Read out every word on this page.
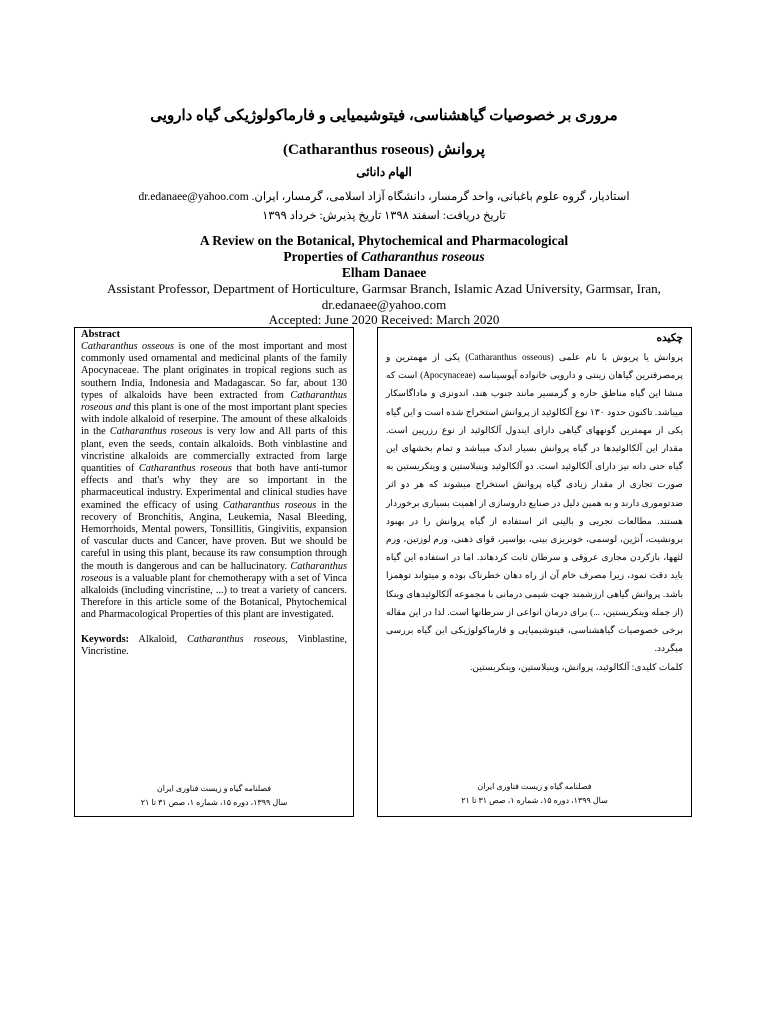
مروری بر خصوصیات گیاهشناسی، فیتوشیمیایی و فارماکولوژیکی گیاه دارویی
پروانش (Catharanthus roseous)
الهام دانائی
استادیار، گروه علوم باغبانی، واحد گرمسار، دانشگاه آزاد اسلامی، گرمسار، ایران. dr.edanaee@yahoo.com
تاریخ دریافت: اسفند ۱۳۹۸ تاریخ پذیرش: خرداد ۱۳۹۹
A Review on the Botanical, Phytochemical and Pharmacological
Properties of Catharanthus roseous
Elham Danaee
Assistant Professor, Department of Horticulture, Garmsar Branch, Islamic Azad University, Garmsar, Iran, dr.edanaee@yahoo.com
Accepted: June 2020 Received: March 2020
Abstract
Catharanthus osseous is one of the most important and most commonly used ornamental and medicinal plants of the family Apocynaceae. The plant originates in tropical regions such as southern India, Indonesia and Madagascar. So far, about 130 types of alkaloids have been extracted from Catharanthus roseous and this plant is one of the most important plant species with indole alkaloid of reserpine. The amount of these alkaloids in the Catharanthus roseous is very low and All parts of this plant, even the seeds, contain alkaloids. Both vinblastine and vincristine alkaloids are commercially extracted from large quantities of Catharanthus roseous that both have anti-tumor effects and that's why they are so important in the pharmaceutical industry. Experimental and clinical studies have examined the efficacy of using Catharanthus roseous in the recovery of Bronchitis, Angina, Leukemia, Nasal Bleeding, Hemorrhoids, Mental powers, Tonsillitis, Gingivitis, expansion of vascular ducts and Cancer, have proven. But we should be careful in using this plant, because its raw consumption through the mouth is dangerous and can be hallucinatory. Catharanthus roseous is a valuable plant for chemotherapy with a set of Vinca alkaloids (including vincristine, ...) to treat a variety of cancers. Therefore in this article some of the Botanical, Phytochemical and Pharmacological Properties of this plant are investigated.
Keywords: Alkaloid, Catharanthus roseous, Vinblastine, Vincristine.
فصلنامه گیاه و زیست فناوری ایران
سال ۱۳۹۹، دوره ۱۵، شماره ۱، صص ۳۱ تا ۲۱
چکیده
پروانش یا پریوش با نام علمی (Catharanthus osseous) یکی از مهمترین و پرمصرفترین گیاهان زینتی و دارویی خانواده آپوسیناسه (Apocynaceae) است که منشا این گیاه مناطق حاره و گرمسیر مانند جنوب هند، اندونزی و ماداگاسکار میباشد. تاکنون حدود ۱۳۰ نوع آلکالوئید از پروانش استخراج شده است و این گیاه یکی از مهمترین گونههای گیاهی دارای ایندول آلکالوئید از نوع رزرپین است. مقدار این آلکالوئیدها در گیاه پروانش بسیار اندک میباشد و تمام بخشهای این گیاه حتی دانه نیز دارای آلکالوئید است. دو آلکالوئید وینبلاستین و وینکریستین به صورت تجاری از مقدار زیادی گیاه پروانش استخراج میشوند که هر دو اثر ضدتوموری دارند و به همین دلیل در صنایع داروسازی از اهمیت بسیاری برخوردار هستند. مطالعات تجربی و بالینی اثر استفاده از گیاه پروانش را در بهبود برونشیت، آنژین، لوسمی، خونریزی بینی، بواسیر، قوای ذهنی، ورم لوزتین، ورم لثهها، بازکردن مجاری عروقی و سرطان ثابت کردهاند. اما در استفاده این گیاه باید دقت نمود، زیرا مصرف خام آن از راه دهان خطرناک بوده و میتواند توهمزا باشد. پروانش گیاهی ارزشمند جهت شیمی درمانی با مجموعه آلکالوئیدهای وینکا (از جمله وینکریستین، ...) برای درمان انواعی از سرطانها است. لذا در این مقاله برخی خصوصیات گیاهشناسی، فیتوشیمیایی و فارماکولوژیکی این گیاه بررسی میگردد.
کلمات کلیدی: آلکالوئید، پروانش، وینبلاستین، وینکریستین.
فصلنامه گیاه و زیست فناوری ایران
سال ۱۳۹۹، دوره ۱۵، شماره ۱، صص ۳۱ تا ۲۱
